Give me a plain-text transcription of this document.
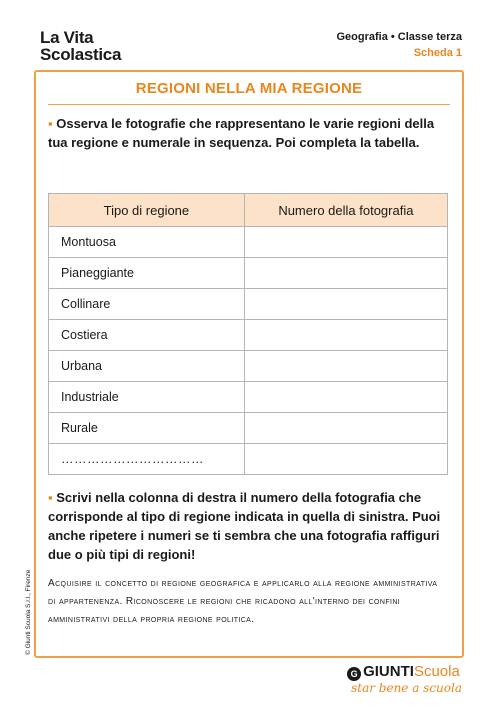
La Vita
Scolastica
Geografia • Classe terza
Scheda 1
REGIONI NELLA MIA REGIONE
▪ Osserva le fotografie che rappresentano le varie regioni della tua regione e numerale in sequenza. Poi completa la tabella.
Tipo di regione	Numero della fotografia
Montuosa	
Pianeggiante	
Collinare	
Costiera	
Urbana	
Industriale	
Rurale	
……………………………	
▪ Scrivi nella colonna di destra il numero della fotografia che corrisponde al tipo di regione indicata in quella di sinistra. Puoi anche ripetere i numeri se ti sembra che una fotografia raffiguri due o più tipi di regioni!
Acquisire il concetto di regione geografica e applicarlo alla regione amministrativa di appartenenza. Riconoscere le regioni che ricadono all'interno dei confini amministrativi della propria regione politica.
© Giunti Scuola S.r.l., Firenze
G GIUNTIScuola
star bene a scuola
